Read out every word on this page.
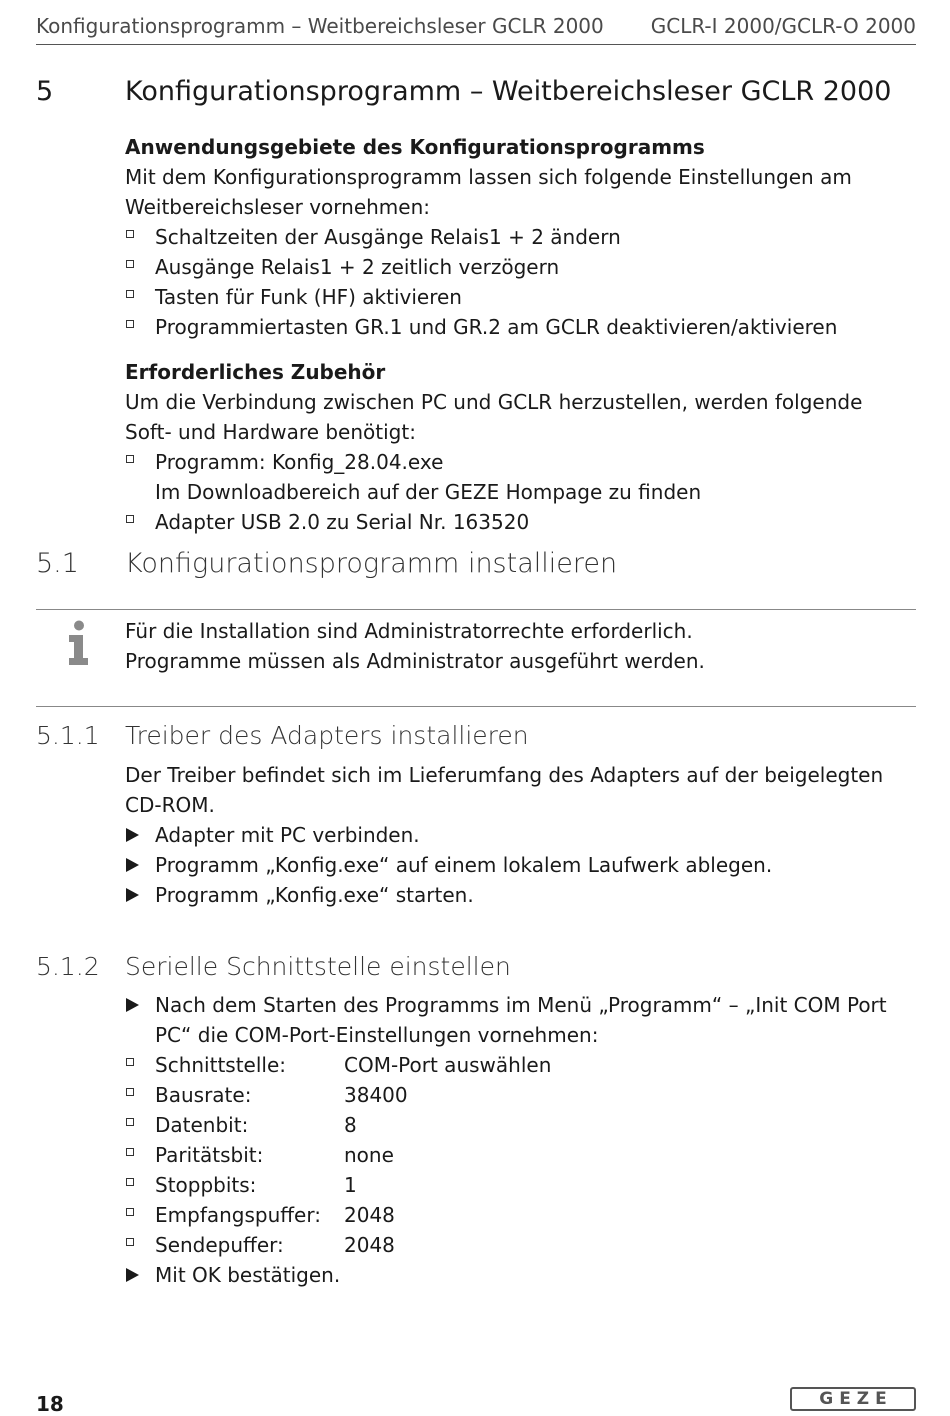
Konfigurationsprogramm – Weitbereichsleser GCLR 2000 GCLR-I 2000/GCLR-O 2000
5	Konfigurationsprogramm – Weitbereichsleser GCLR 2000
Anwendungsgebiete des Konfigurationsprogramms
Mit dem Konfigurationsprogramm lassen sich folgende Einstellungen am
Weitbereichsleser vornehmen:
Schaltzeiten der Ausgänge Relais1 + 2 ändern
Ausgänge Relais1 + 2 zeitlich verzögern
Tasten für Funk (HF) aktivieren
Programmiertasten GR.1 und GR.2 am GCLR deaktivieren/aktivieren
Erforderliches Zubehör
Um die Verbindung zwischen PC und GCLR herzustellen, werden folgende
Soft- und Hardware benötigt:
Programm: Konfig_28.04.exe
Im Downloadbereich auf der GEZE Hompage zu finden
Adapter USB 2.0 zu Serial Nr. 163520
5.1 Konfigurationsprogramm installieren
Für die Installation sind Administratorrechte erforderlich.
Programme müssen als Administrator ausgeführt werden.
5.1.1 Treiber des Adapters installieren
Der Treiber befindet sich im Lieferumfang des Adapters auf der beigelegten
CD-ROM.
Adapter mit PC verbinden.
Programm „Konfig.exe“ auf einem lokalem Laufwerk ablegen.
Programm „Konfig.exe“ starten.
5.1.2 Serielle Schnittstelle einstellen
Nach dem Starten des Programms im Menü „Programm“ – „Init COM Port
PC“ die COM-Port-Einstellungen vornehmen:
Schnittstelle:	COM-Port auswählen
Bausrate:	38400
Datenbit:	8
Paritätsbit:	none
Stoppbits:	1
Empfangspuffer: 2048
Sendepuffer:	2048
Mit OK bestätigen.
18	GEZE
